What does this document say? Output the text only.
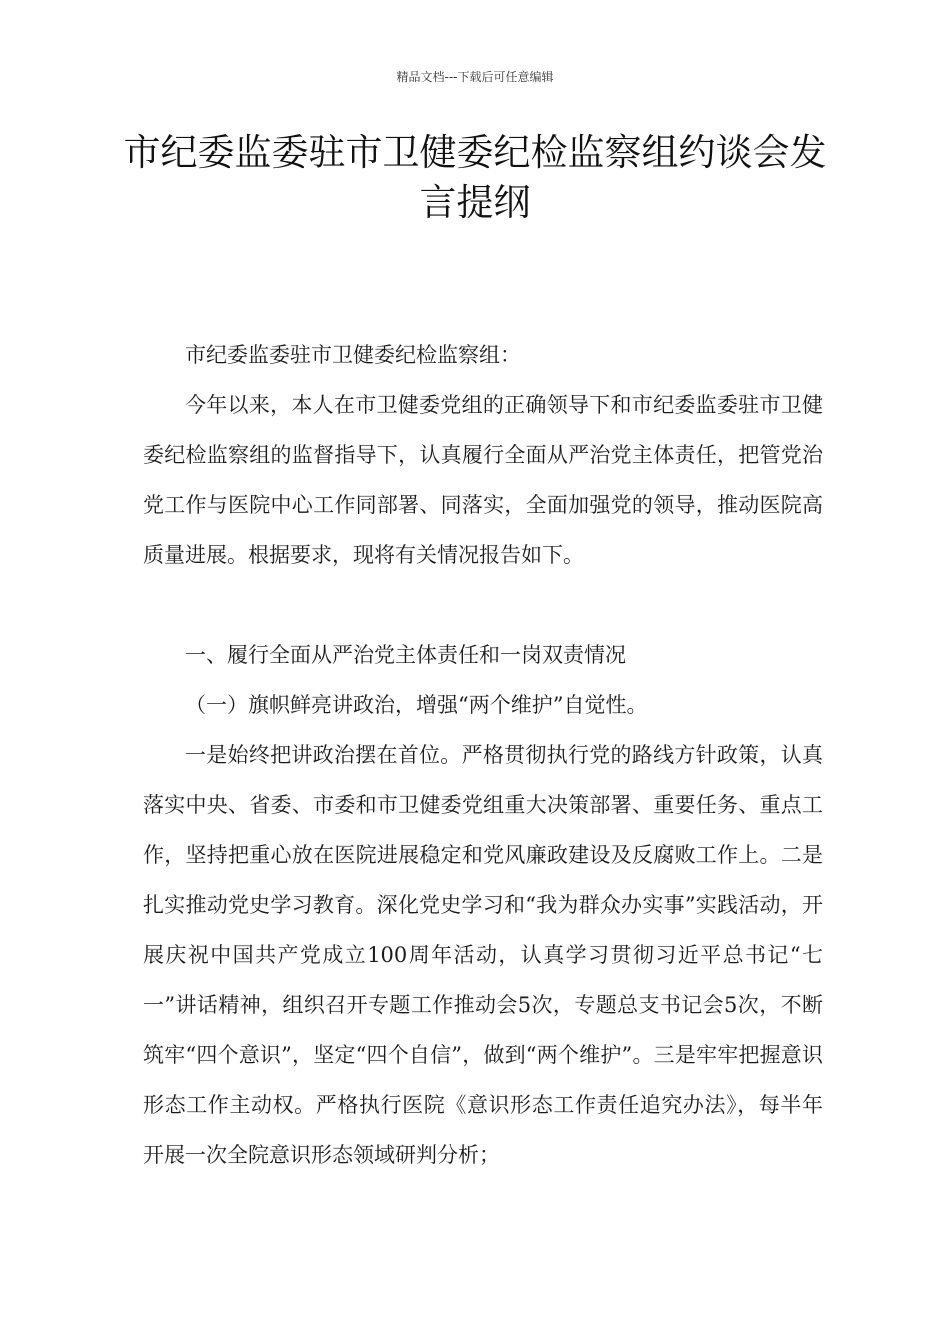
精品文档---下载后可任意编辑
市纪委监委驻市卫健委纪检监察组约谈会发言提纲

市纪委监委驻市卫健委纪检监察组：

今年以来，本人在市卫健委党组的正确领导下和市纪委监委驻市卫健委纪检监察组的监督指导下，认真履行全面从严治党主体责任，把管党治党工作与医院中心工作同部署、同落实，全面加强党的领导，推动医院高质量进展。根据要求，现将有关情况报告如下。

一、履行全面从严治党主体责任和一岗双责情况

（一）旗帜鲜亮讲政治，增强“两个维护”自觉性。

一是始终把讲政治摆在首位。严格贯彻执行党的路线方针政策，认真落实中央、省委、市委和市卫健委党组重大决策部署、重要任务、重点工作，坚持把重心放在医院进展稳定和党风廉政建设及反腐败工作上。二是扎实推动党史学习教育。深化党史学习和“我为群众办实事”实践活动，开展庆祝中国共产党成立100周年活动，认真学习贯彻习近平总书记“七一”讲话精神，组织召开专题工作推动会5次，专题总支书记会5次，不断筑牢“四个意识”，坚定“四个自信”，做到“两个维护”。三是牢牢把握意识形态工作主动权。严格执行医院《意识形态工作责任追究办法》，每半年开展一次全院意识形态领域研判分析；
